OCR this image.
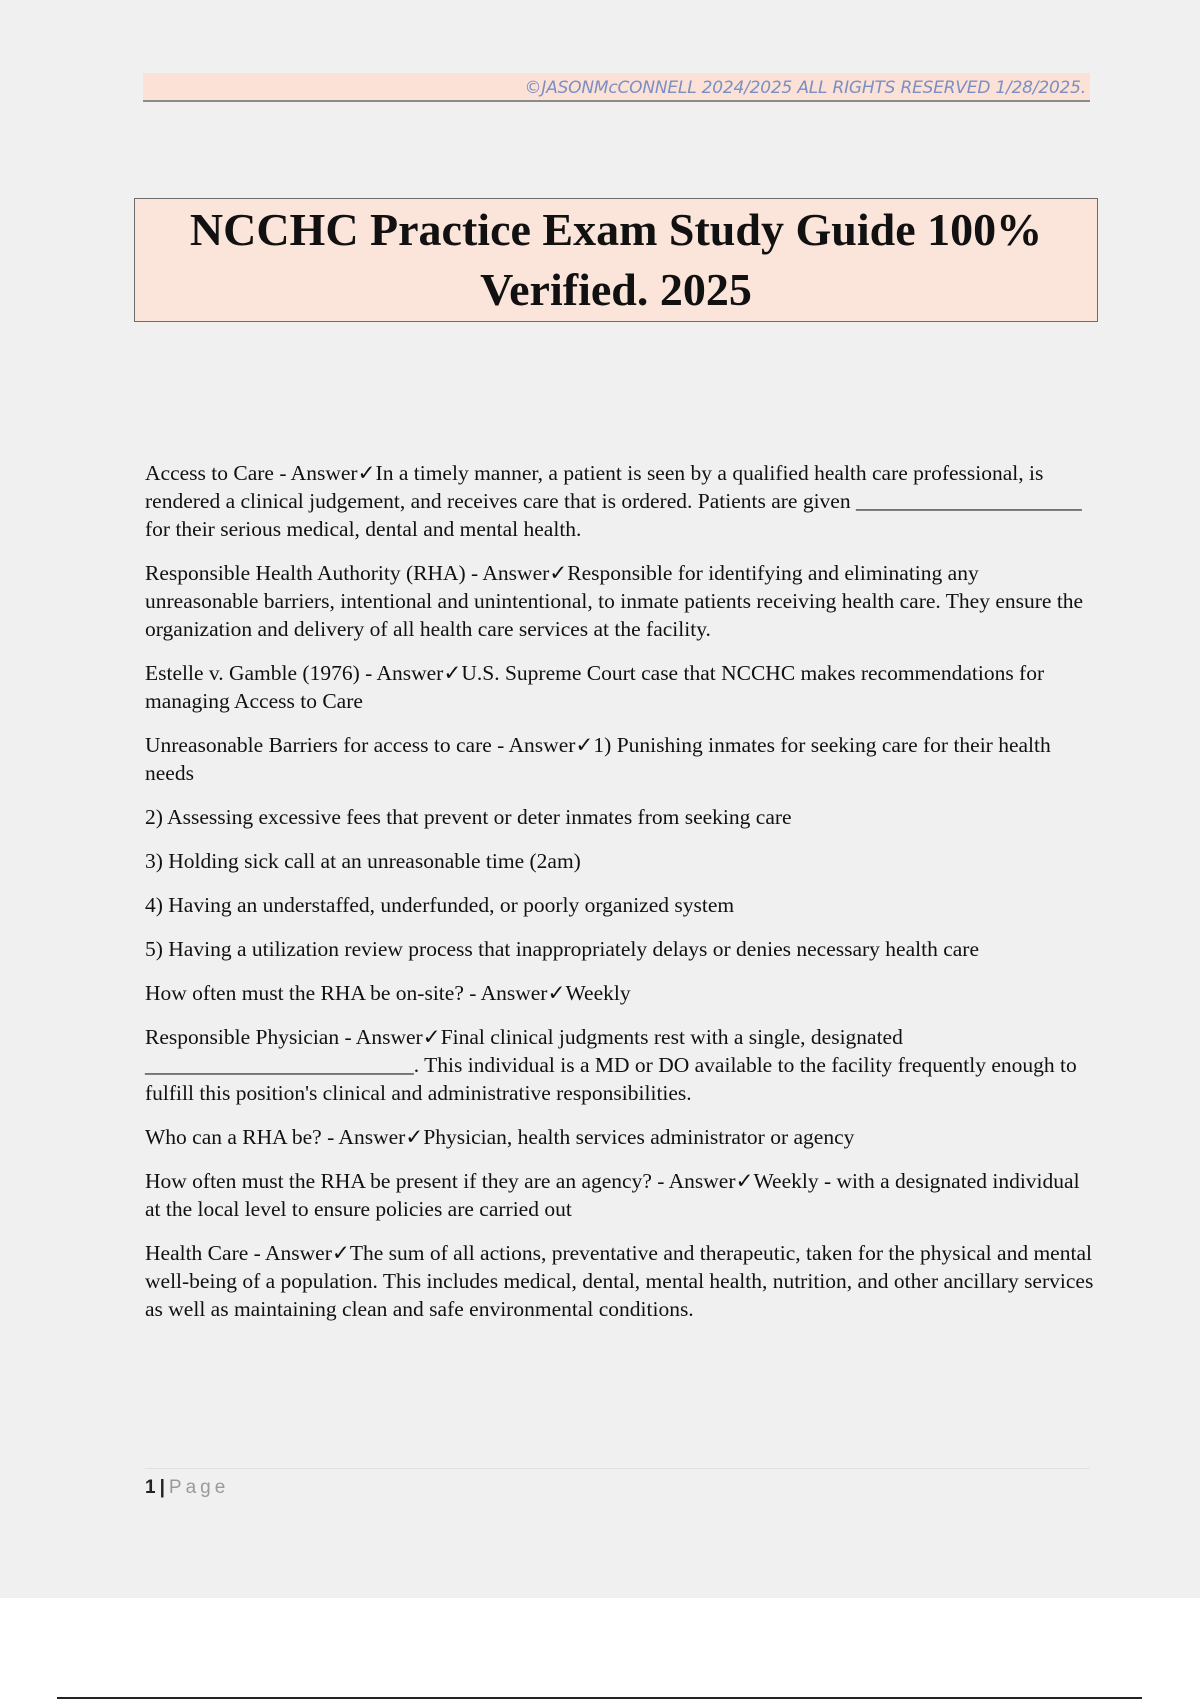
©JASONMcCONNELL 2024/2025 ALL RIGHTS RESERVED 1/28/2025.
NCCHC Practice Exam Study Guide 100% Verified. 2025

Access to Care - Answer✓In a timely manner, a patient is seen by a qualified health care professional, is rendered a clinical judgement, and receives care that is ordered. Patients are given _____________________ for their serious medical, dental and mental health.

Responsible Health Authority (RHA) - Answer✓Responsible for identifying and eliminating any unreasonable barriers, intentional and unintentional, to inmate patients receiving health care. They ensure the organization and delivery of all health care services at the facility.

Estelle v. Gamble (1976) - Answer✓U.S. Supreme Court case that NCCHC makes recommendations for managing Access to Care

Unreasonable Barriers for access to care - Answer✓1) Punishing inmates for seeking care for their health needs

2) Assessing excessive fees that prevent or deter inmates from seeking care

3) Holding sick call at an unreasonable time (2am)

4) Having an understaffed, underfunded, or poorly organized system

5) Having a utilization review process that inappropriately delays or denies necessary health care

How often must the RHA be on-site? - Answer✓Weekly

Responsible Physician - Answer✓Final clinical judgments rest with a single, designated _________________________. This individual is a MD or DO available to the facility frequently enough to fulfill this position's clinical and administrative responsibilities.

Who can a RHA be? - Answer✓Physician, health services administrator or agency

How often must the RHA be present if they are an agency? - Answer✓Weekly - with a designated individual at the local level to ensure policies are carried out

Health Care - Answer✓The sum of all actions, preventative and therapeutic, taken for the physical and mental well-being of a population. This includes medical, dental, mental health, nutrition, and other ancillary services as well as maintaining clean and safe environmental conditions.

1 | Page
